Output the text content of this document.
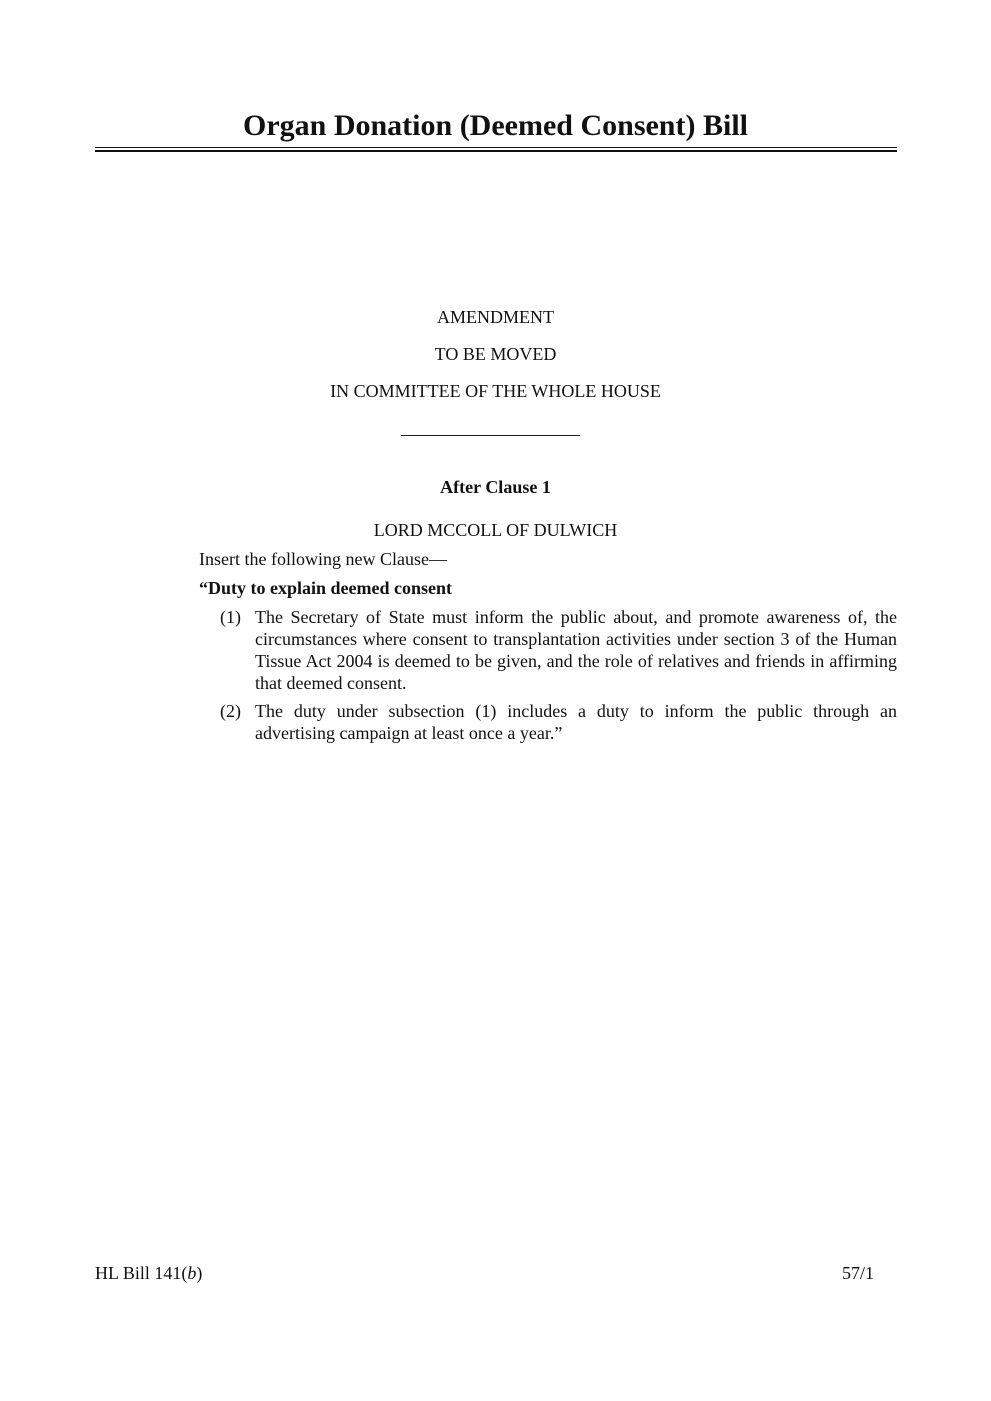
Organ Donation (Deemed Consent) Bill
AMENDMENT
TO BE MOVED
IN COMMITTEE OF THE WHOLE HOUSE
After Clause 1
LORD MCCOLL OF DULWICH
Insert the following new Clause—
“Duty to explain deemed consent
(1) The Secretary of State must inform the public about, and promote awareness of, the circumstances where consent to transplantation activities under section 3 of the Human Tissue Act 2004 is deemed to be given, and the role of relatives and friends in affirming that deemed consent.
(2) The duty under subsection (1) includes a duty to inform the public through an advertising campaign at least once a year.”
HL Bill 141(b)	57/1
